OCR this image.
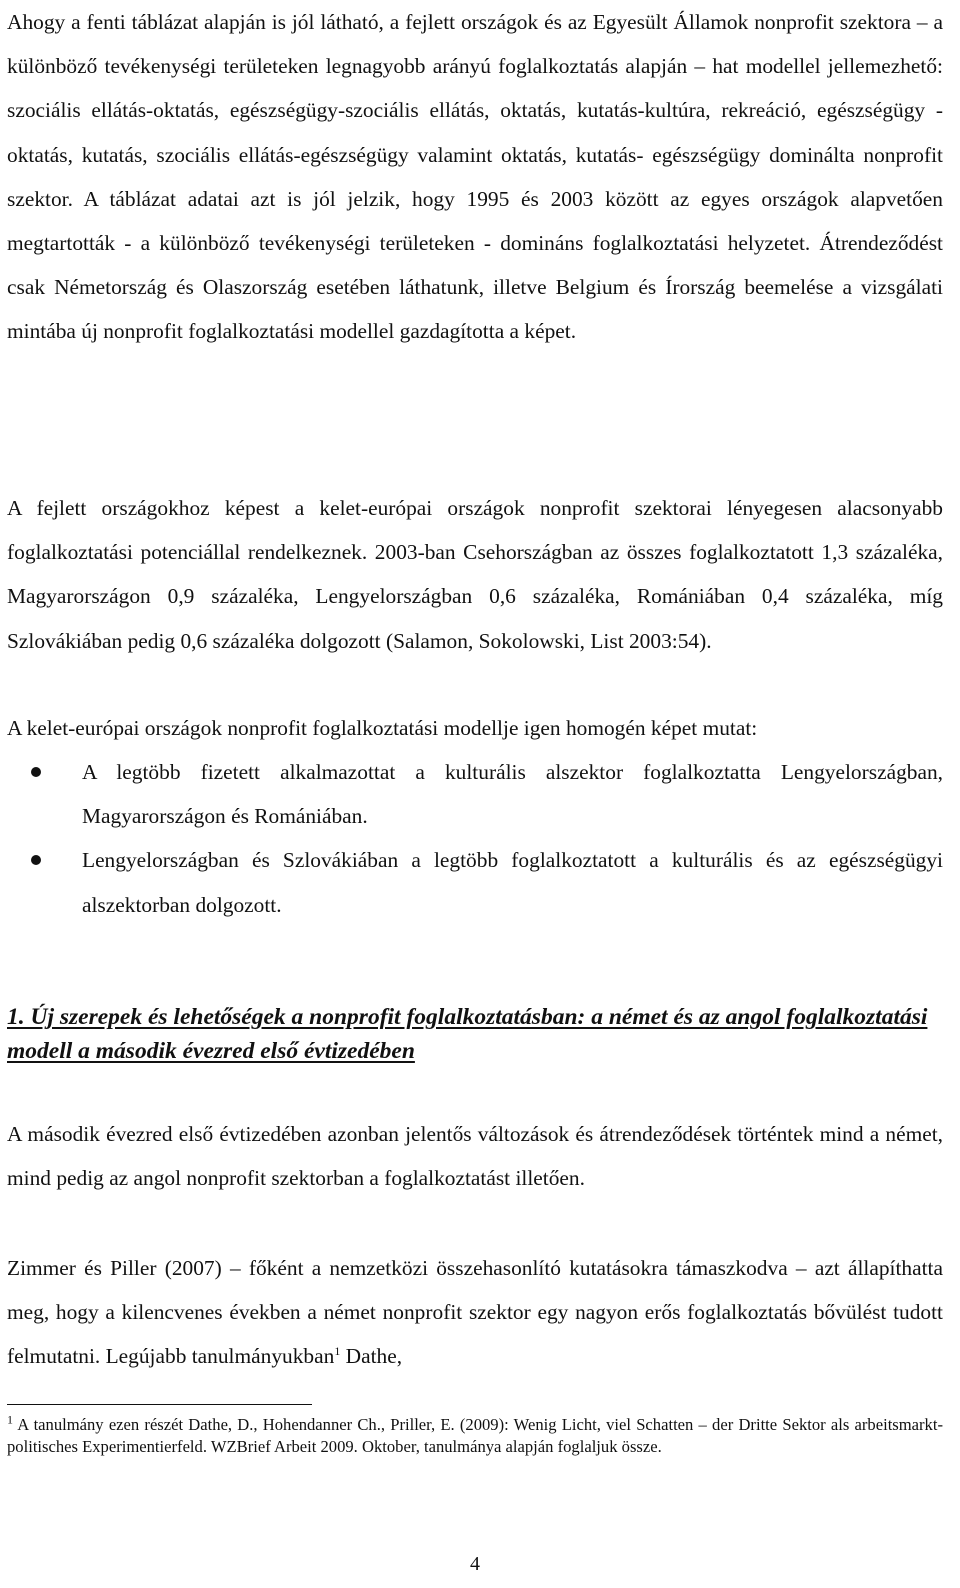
Ahogy a fenti táblázat alapján is jól látható, a fejlett országok és az Egyesült Államok nonprofit szektora – a különböző tevékenységi területeken legnagyobb arányú foglalkoztatás alapján – hat modellel jellemezhető: szociális ellátás-oktatás, egészségügy-szociális ellátás, oktatás, kutatás-kultúra, rekreáció, egészségügy - oktatás, kutatás, szociális ellátás-egészségügy valamint oktatás, kutatás- egészségügy dominálta nonprofit szektor. A táblázat adatai azt is jól jelzik, hogy 1995 és 2003 között az egyes országok alapvetően megtartották - a különböző tevékenységi területeken - domináns foglalkoztatási helyzetet. Átrendeződést csak Németország és Olaszország esetében láthatunk, illetve Belgium és Írország beemelése a vizsgálati mintába új nonprofit foglalkoztatási modellel gazdagította a képet.

A fejlett országokhoz képest a kelet-európai országok nonprofit szektorai lényegesen alacsonyabb foglalkoztatási potenciállal rendelkeznek. 2003-ban Csehországban az összes foglalkoztatott 1,3 százaléka, Magyarországon 0,9 százaléka, Lengyelországban 0,6 százaléka, Romániában 0,4 százaléka, míg Szlovákiában pedig 0,6 százaléka dolgozott (Salamon, Sokolowski, List 2003:54).

A kelet-európai országok nonprofit foglalkoztatási modellje igen homogén képet mutat:

A legtöbb fizetett alkalmazottat a kulturális alszektor foglalkoztatta Lengyelországban, Magyarországon és Romániában.
Lengyelországban és Szlovákiában a legtöbb foglalkoztatott a kulturális és az egészségügyi alszektorban dolgozott.
1. Új szerepek és lehetőségek a nonprofit foglalkoztatásban: a német és az angol foglalkoztatási modell a második évezred első évtizedében

A második évezred első évtizedében azonban jelentős változások és átrendeződések történtek mind a német, mind pedig az angol nonprofit szektorban a foglalkoztatást illetően.

Zimmer és Piller (2007) – főként a nemzetközi összehasonlító kutatásokra támaszkodva – azt állapíthatta meg, hogy a kilencvenes években a német nonprofit szektor egy nagyon erős foglalkoztatás bővülést tudott felmutatni. Legújabb tanulmányukban$^1$ Dathe,

$^1$ A tanulmány ezen részét Dathe, D., Hohendanner Ch., Priller, E. (2009): Wenig Licht, viel Schatten – der Dritte Sektor als arbeitsmarkt-politisches Experimentierfeld. WZBrief Arbeit 2009. Oktober, tanulmánya alapján foglaljuk össze.

4
